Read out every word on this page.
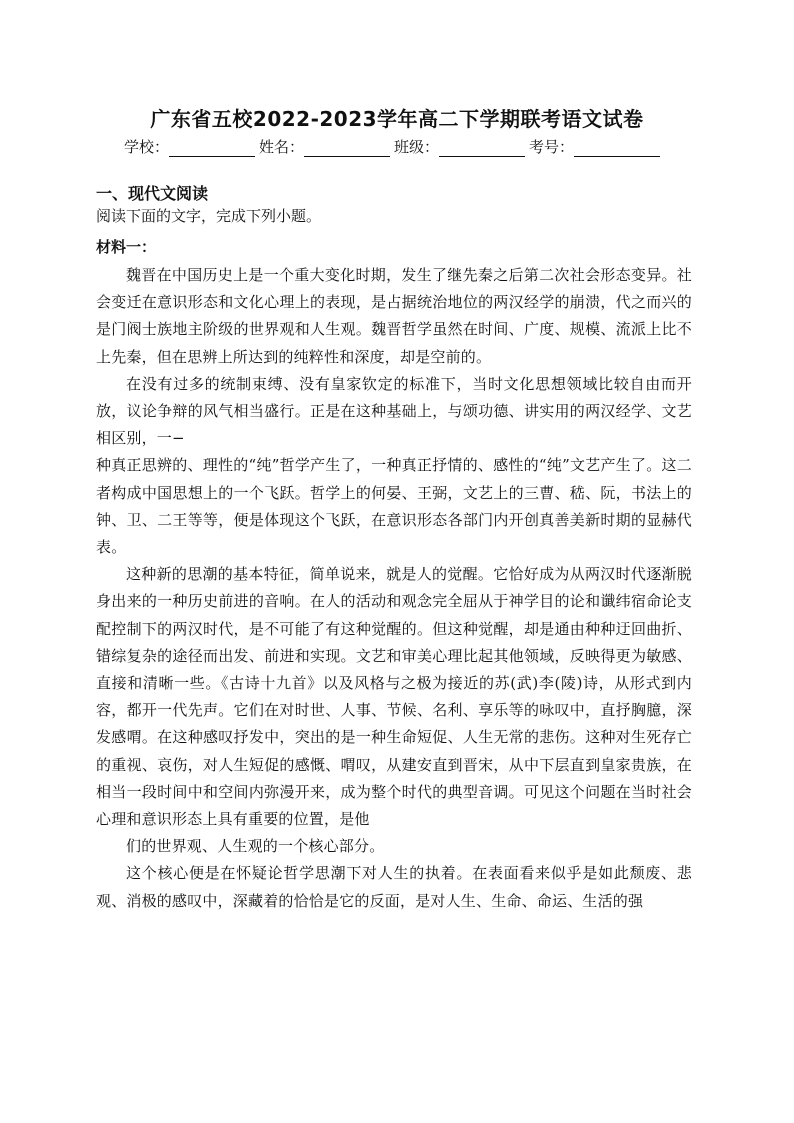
广东省五校2022-2023学年高二下学期联考语文试卷
学校：	姓名：	班级：	考号：
一、现代文阅读
阅读下面的文字，完成下列小题。
材料一：

魏晋在中国历史上是一个重大变化时期，发生了继先秦之后第二次社会形态变异。社会变迁在意识形态和文化心理上的表现，是占据统治地位的两汉经学的崩溃，代之而兴的是门阀士族地主阶级的世界观和人生观。魏晋哲学虽然在时间、广度、规模、流派上比不上先秦，但在思辨上所达到的纯粹性和深度，却是空前的。

在没有过多的统制束缚、没有皇家钦定的标准下，当时文化思想领域比较自由而开放，议论争辩的风气相当盛行。正是在这种基础上，与颂功德、讲实用的两汉经学、文艺相区别，一−

种真正思辨的、理性的“纯”哲学产生了，一种真正抒情的、感性的“纯”文艺产生了。这二者构成中国思想上的一个飞跃。哲学上的何晏、王弼，文艺上的三曹、嵇、阮，书法上的钟、卫、二王等等，便是体现这个飞跃，在意识形态各部门内开创真善美新时期的显赫代表。

这种新的思潮的基本特征，简单说来，就是人的觉醒。它恰好成为从两汉时代逐渐脱身出来的一种历史前进的音响。在人的活动和观念完全屈从于神学目的论和谶纬宿命论支配控制下的两汉时代，是不可能了有这种觉醒的。但这种觉醒，却是通由种种迂回曲折、错综复杂的途径而出发、前进和实现。文艺和审美心理比起其他领域，反映得更为敏感、直接和清晰一些。《古诗十九首》以及风格与之极为接近的苏(武)李(陵)诗，从形式到内容，都开一代先声。它们在对时世、人事、节候、名利、享乐等的咏叹中，直抒胸臆，深发感喟。在这种感叹抒发中，突出的是一种生命短促、人生无常的悲伤。这种对生死存亡的重视、哀伤，对人生短促的感慨、喟叹，从建安直到晋宋，从中下层直到皇家贵族，在相当一段时间中和空间内弥漫开来，成为整个时代的典型音调。可见这个问题在当时社会心理和意识形态上具有重要的位置，是他

们的世界观、人生观的一个核心部分。

这个核心便是在怀疑论哲学思潮下对人生的执着。在表面看来似乎是如此颓废、悲观、消极的感叹中，深藏着的恰恰是它的反面，是对人生、生命、命运、生活的强
